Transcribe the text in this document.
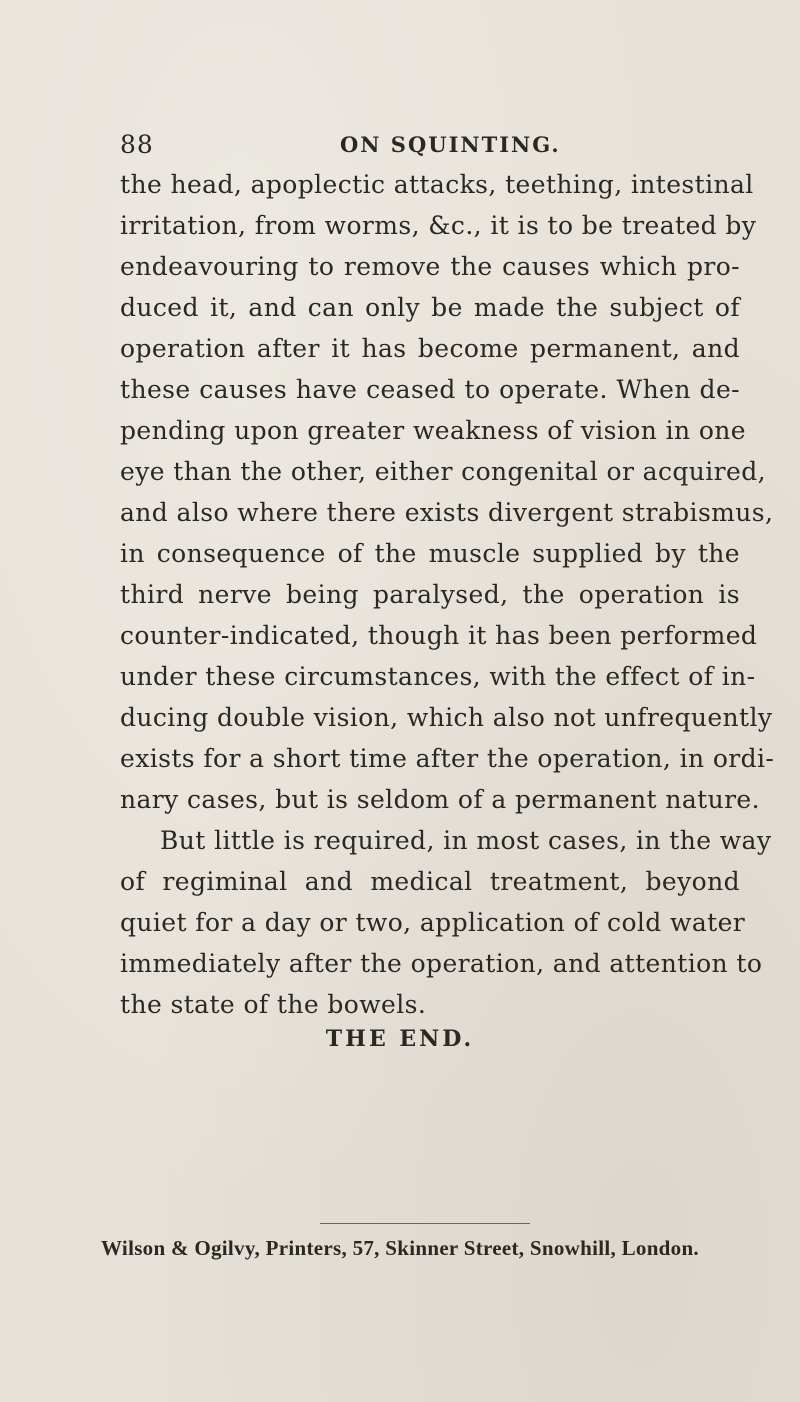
88	ON SQUINTING.
the head, apoplectic attacks, teething, intestinal
irritation, from worms, &c., it is to be treated by
endeavouring to remove the causes which pro-
duced it, and can only be made the subject of
operation after it has become permanent, and
these causes have ceased to operate. When de-
pending upon greater weakness of vision in one
eye than the other, either congenital or acquired,
and also where there exists divergent strabismus,
in consequence of the muscle supplied by the
third nerve being paralysed, the operation is
counter-indicated, though it has been performed
under these circumstances, with the effect of in-
ducing double vision, which also not unfrequently
exists for a short time after the operation, in ordi-
nary cases, but is seldom of a permanent nature.
But little is required, in most cases, in the way
of regiminal and medical treatment, beyond
quiet for a day or two, application of cold water
immediately after the operation, and attention to
the state of the bowels.
THE END.
Wilson & Ogilvy, Printers, 57, Skinner Street, Snowhill, London.
